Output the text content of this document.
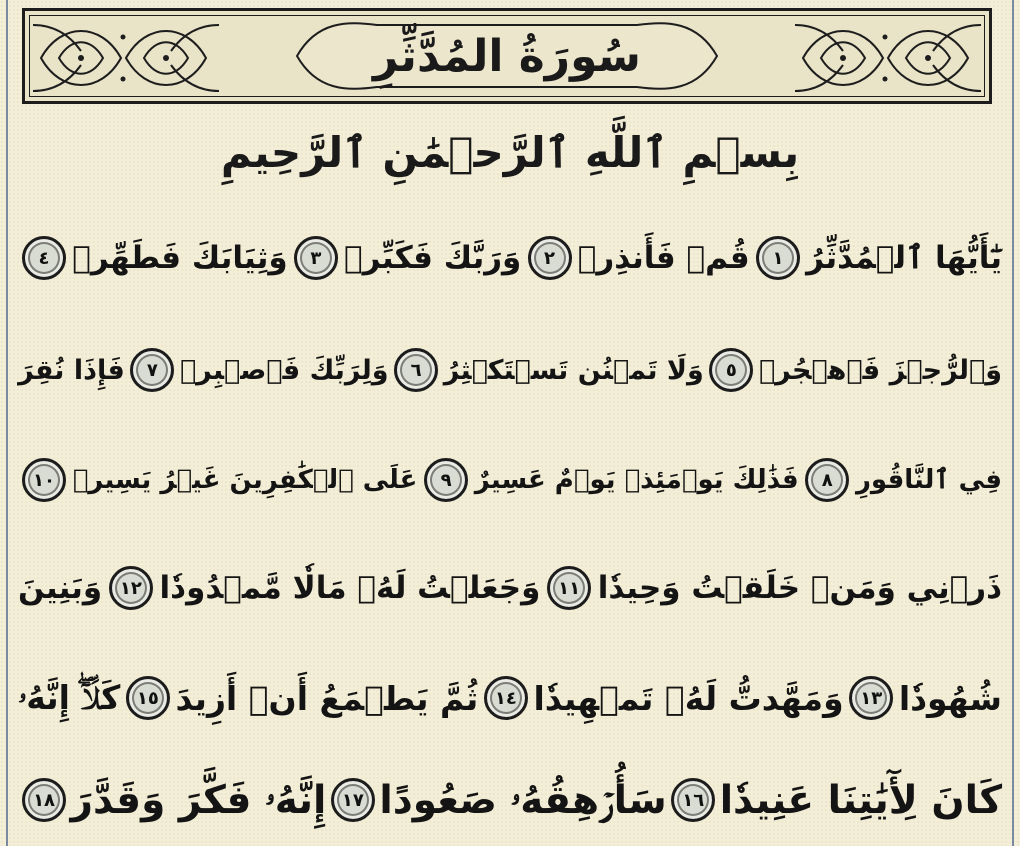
سُورَةُ المُدَّثِّرِ
بِسۡمِ ٱللَّهِ ٱلرَّحۡمَٰنِ ٱلرَّحِيمِ
يَٰٓأَيُّهَا ٱلۡمُدَّثِّرُ
١
قُمۡ فَأَنذِرۡ
٢
وَرَبَّكَ فَكَبِّرۡ
٣
وَثِيَابَكَ فَطَهِّرۡ
٤
وَٱلرُّجۡزَ فَٱهۡجُرۡ
٥
وَلَا تَمۡنُن تَسۡتَكۡثِرُ
٦
وَلِرَبِّكَ فَٱصۡبِرۡ
٧
فَإِذَا نُقِرَ
فِي ٱلنَّاقُورِ
٨
فَذَٰلِكَ يَوۡمَئِذٖ يَوۡمٌ عَسِيرٌ
٩
عَلَى ٱلۡكَٰفِرِينَ غَيۡرُ يَسِيرٖ
١٠
ذَرۡنِي وَمَنۡ خَلَقۡتُ وَحِيدٗا
١١
وَجَعَلۡتُ لَهُۥ مَالٗا مَّمۡدُودٗا
١٢
وَبَنِينَ
شُهُودٗا
١٣
وَمَهَّدتُّ لَهُۥ تَمۡهِيدٗا
١٤
ثُمَّ يَطۡمَعُ أَنۡ أَزِيدَ
١٥
كَلَّآۖ إِنَّهُۥ
كَانَ لِأٓيَٰتِنَا عَنِيدٗا
١٦
سَأُرۡهِقُهُۥ صَعُودًا
١٧
إِنَّهُۥ فَكَّرَ وَقَدَّرَ
١٨
